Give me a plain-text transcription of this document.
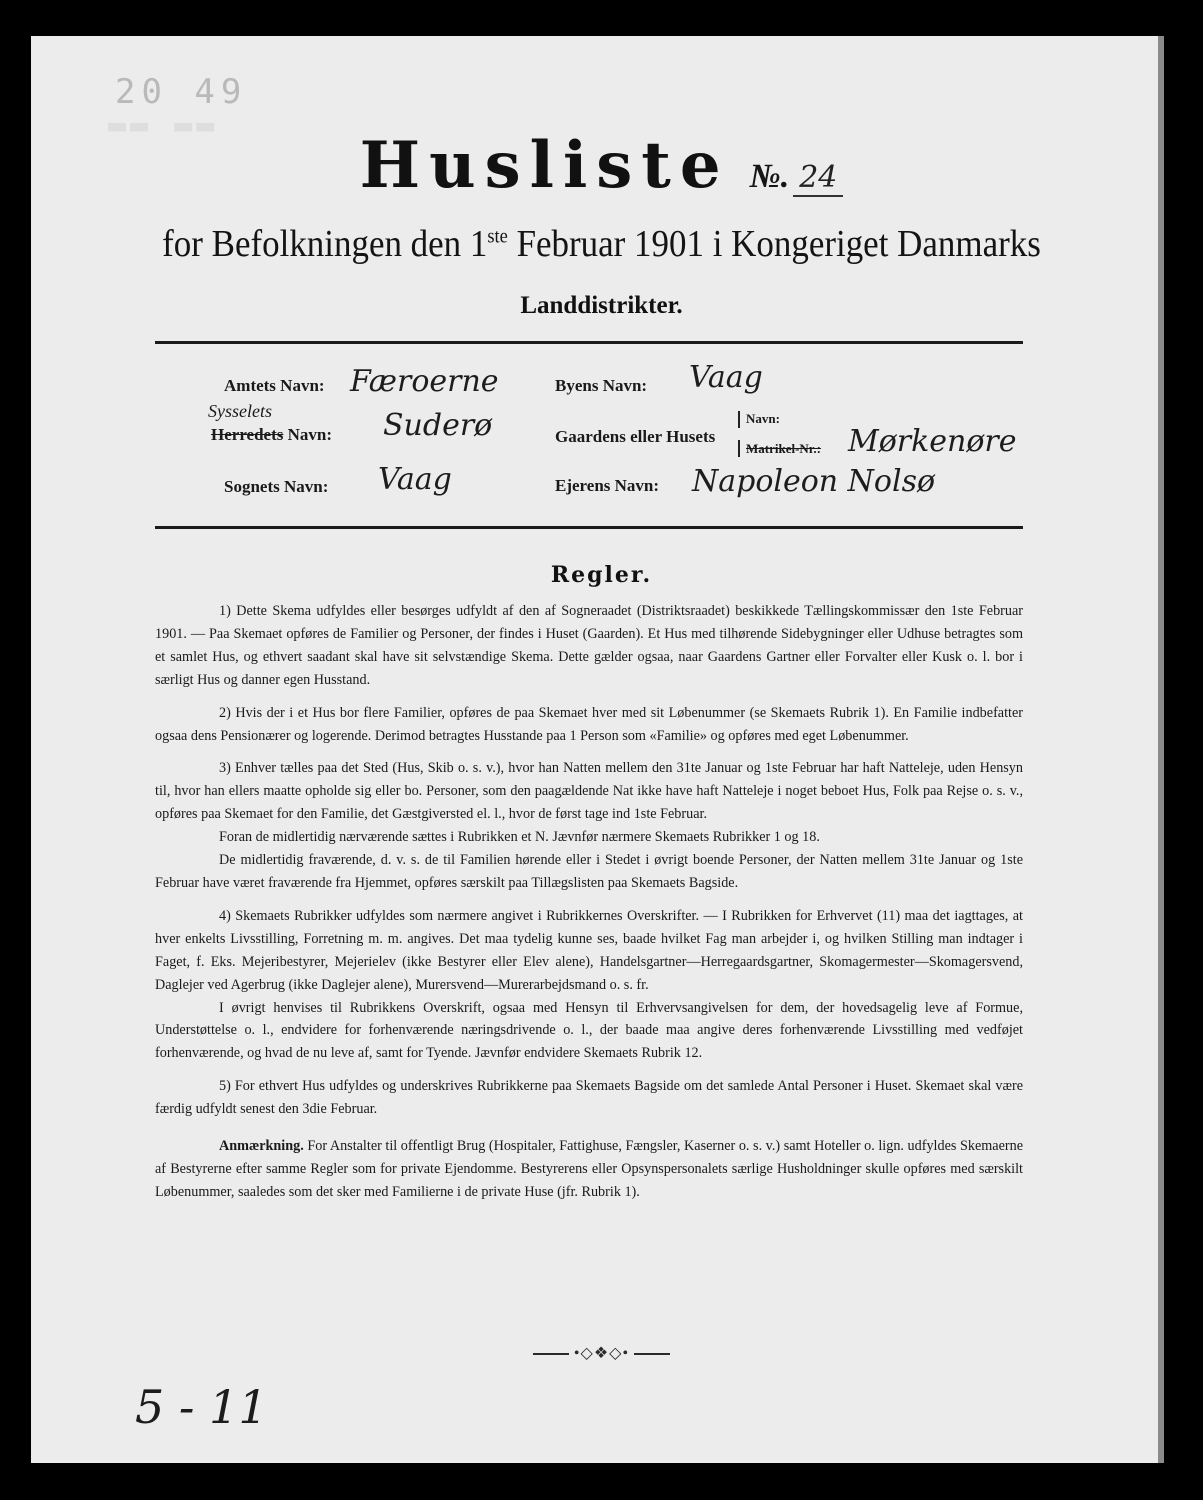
20 49
▬▬ ▬▬
Husliste №. 24
for Befolkningen den 1ste Februar 1901 i Kongeriget Danmarks
Landdistrikter.
Amtets Navn: Færoerne
Sysselets
Herredets Navn: Suderø
Sognets Navn: Vaag
Byens Navn: Vaag
Gaardens eller Husets
Navn:
Matrikel-Nr.: Mørkenøre
Ejerens Navn: Napoleon Nolsø
Regler.

1) Dette Skema udfyldes eller besørges udfyldt af den af Sogneraadet (Distriktsraadet) beskikkede Tællingskommissær den 1ste Februar 1901. — Paa Skemaet opføres de Familier og Personer, der findes i Huset (Gaarden). Et Hus med tilhørende Sidebygninger eller Udhuse betragtes som et samlet Hus, og ethvert saadant skal have sit selvstændige Skema. Dette gælder ogsaa, naar Gaardens Gartner eller Forvalter eller Kusk o. l. bor i særligt Hus og danner egen Husstand.

2) Hvis der i et Hus bor flere Familier, opføres de paa Skemaet hver med sit Løbenummer (se Skemaets Rubrik 1). En Familie indbefatter ogsaa dens Pensionærer og logerende. Derimod betragtes Husstande paa 1 Person som «Familie» og opføres med eget Løbenummer.

3) Enhver tælles paa det Sted (Hus, Skib o. s. v.), hvor han Natten mellem den 31te Januar og 1ste Februar har haft Natteleje, uden Hensyn til, hvor han ellers maatte opholde sig eller bo. Personer, som den paagældende Nat ikke have haft Natteleje i noget beboet Hus, Folk paa Rejse o. s. v., opføres paa Skemaet for den Familie, det Gæstgiversted el. l., hvor de først tage ind 1ste Februar.

Foran de midlertidig nærværende sættes i Rubrikken et N. Jævnfør nærmere Skemaets Rubrikker 1 og 18.

De midlertidig fraværende, d. v. s. de til Familien hørende eller i Stedet i øvrigt boende Personer, der Natten mellem 31te Januar og 1ste Februar have været fraværende fra Hjemmet, opføres særskilt paa Tillægslisten paa Skemaets Bagside.

4) Skemaets Rubrikker udfyldes som nærmere angivet i Rubrikkernes Overskrifter. — I Rubrikken for Erhvervet (11) maa det iagttages, at hver enkelts Livsstilling, Forretning m. m. angives. Det maa tydelig kunne ses, baade hvilket Fag man arbejder i, og hvilken Stilling man indtager i Faget, f. Eks. Mejeribestyrer, Mejerielev (ikke Bestyrer eller Elev alene), Handelsgartner—Herregaardsgartner, Skomagermester—Skomagersvend, Daglejer ved Agerbrug (ikke Daglejer alene), Murersvend—Murerarbejdsmand o. s. fr.

I øvrigt henvises til Rubrikkens Overskrift, ogsaa med Hensyn til Erhvervsangivelsen for dem, der hovedsagelig leve af Formue, Understøttelse o. l., endvidere for forhenværende næringsdrivende o. l., der baade maa angive deres forhenværende Livsstilling med vedføjet forhenværende, og hvad de nu leve af, samt for Tyende. Jævnfør endvidere Skemaets Rubrik 12.

5) For ethvert Hus udfyldes og underskrives Rubrikkerne paa Skemaets Bagside om det samlede Antal Personer i Huset. Skemaet skal være færdig udfyldt senest den 3die Februar.

Anmærkning. For Anstalter til offentligt Brug (Hospitaler, Fattighuse, Fængsler, Kaserner o. s. v.) samt Hoteller o. lign. udfyldes Skemaerne af Bestyrerne efter samme Regler som for private Ejendomme. Bestyrerens eller Opsynspersonalets særlige Husholdninger skulle opføres med særskilt Løbenummer, saaledes som det sker med Familierne i de private Huse (jfr. Rubrik 1).

•◇❖◇•
5 - 11
